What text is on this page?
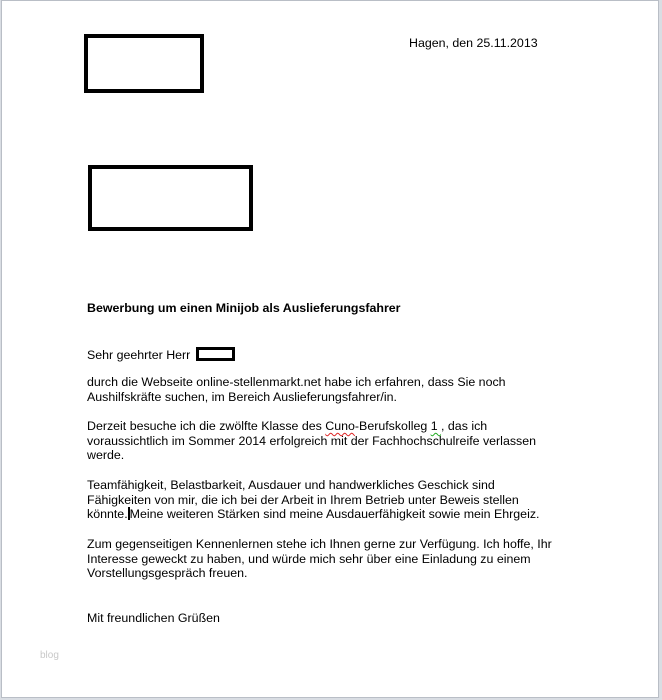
Hagen, den 25.11.2013
Bewerbung um einen Minijob als Auslieferungsfahrer
Sehr geehrter Herr
durch die Webseite online-stellenmarkt.net habe ich erfahren, dass Sie noch
Aushilfskräfte suchen, im Bereich Auslieferungsfahrer/in.
Derzeit besuche ich die zwölfte Klasse des Cuno-Berufskolleg 1 , das ich
voraussichtlich im Sommer 2014 erfolgreich mit der Fachhochschulreife verlassen
werde.
Teamfähigkeit, Belastbarkeit, Ausdauer und handwerkliches Geschick sind
Fähigkeiten von mir, die ich bei der Arbeit in Ihrem Betrieb unter Beweis stellen
könnte. Meine weiteren Stärken sind meine Ausdauerfähigkeit sowie mein Ehrgeiz.
Zum gegenseitigen Kennenlernen stehe ich Ihnen gerne zur Verfügung. Ich hoffe, Ihr
Interesse geweckt zu haben, und würde mich sehr über eine Einladung zu einem
Vorstellungsgespräch freuen.
Mit freundlichen Grüßen
blog
